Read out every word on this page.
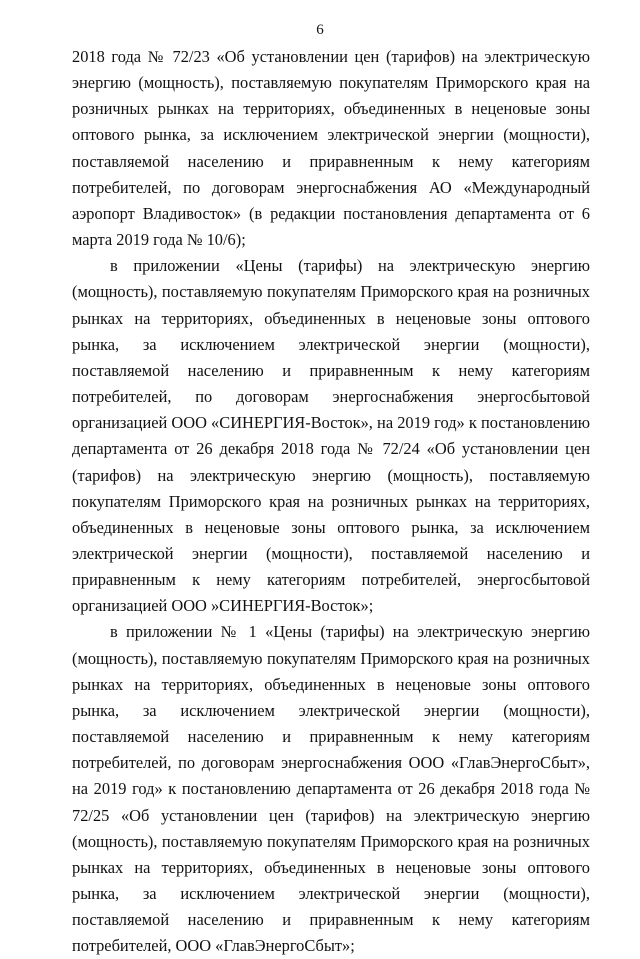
6

2018 года № 72/23 «Об установлении цен (тарифов) на электрическую энергию (мощность), поставляемую покупателям Приморского края на розничных рынках на территориях, объединенных в неценовые зоны оптового рынка, за исключением электрической энергии (мощности), поставляемой населению и приравненным к нему категориям потребителей, по договорам энергоснабжения АО «Международный аэропорт Владивосток» (в редакции постановления департамента от 6 марта 2019 года № 10/6);

в приложении «Цены (тарифы) на электрическую энергию (мощность), поставляемую покупателям Приморского края на розничных рынках на территориях, объединенных в неценовые зоны оптового рынка, за исключением электрической энергии (мощности), поставляемой населению и приравненным к нему категориям потребителей, по договорам энергоснабжения энергосбытовой организацией ООО «СИНЕРГИЯ-Восток», на 2019 год» к постановлению департамента от 26 декабря 2018 года № 72/24 «Об установлении цен (тарифов) на электрическую энергию (мощность), поставляемую покупателям Приморского края на розничных рынках на территориях, объединенных в неценовые зоны оптового рынка, за исключением электрической энергии (мощности), поставляемой населению и приравненным к нему категориям потребителей, энергосбытовой организацией ООО »СИНЕРГИЯ-Восток»;

в приложении № 1 «Цены (тарифы) на электрическую энергию (мощность), поставляемую покупателям Приморского края на розничных рынках на территориях, объединенных в неценовые зоны оптового рынка, за исключением электрической энергии (мощности), поставляемой населению и приравненным к нему категориям потребителей, по договорам энергоснабжения ООО «ГлавЭнергоСбыт», на 2019 год» к постановлению департамента от 26 декабря 2018 года № 72/25 «Об установлении цен (тарифов) на электрическую энергию (мощность), поставляемую покупателям Приморского края на розничных рынках на территориях, объединенных в неценовые зоны оптового рынка, за исключением электрической энергии (мощности), поставляемой населению и приравненным к нему категориям потребителей, ООО «ГлавЭнергоСбыт»;
